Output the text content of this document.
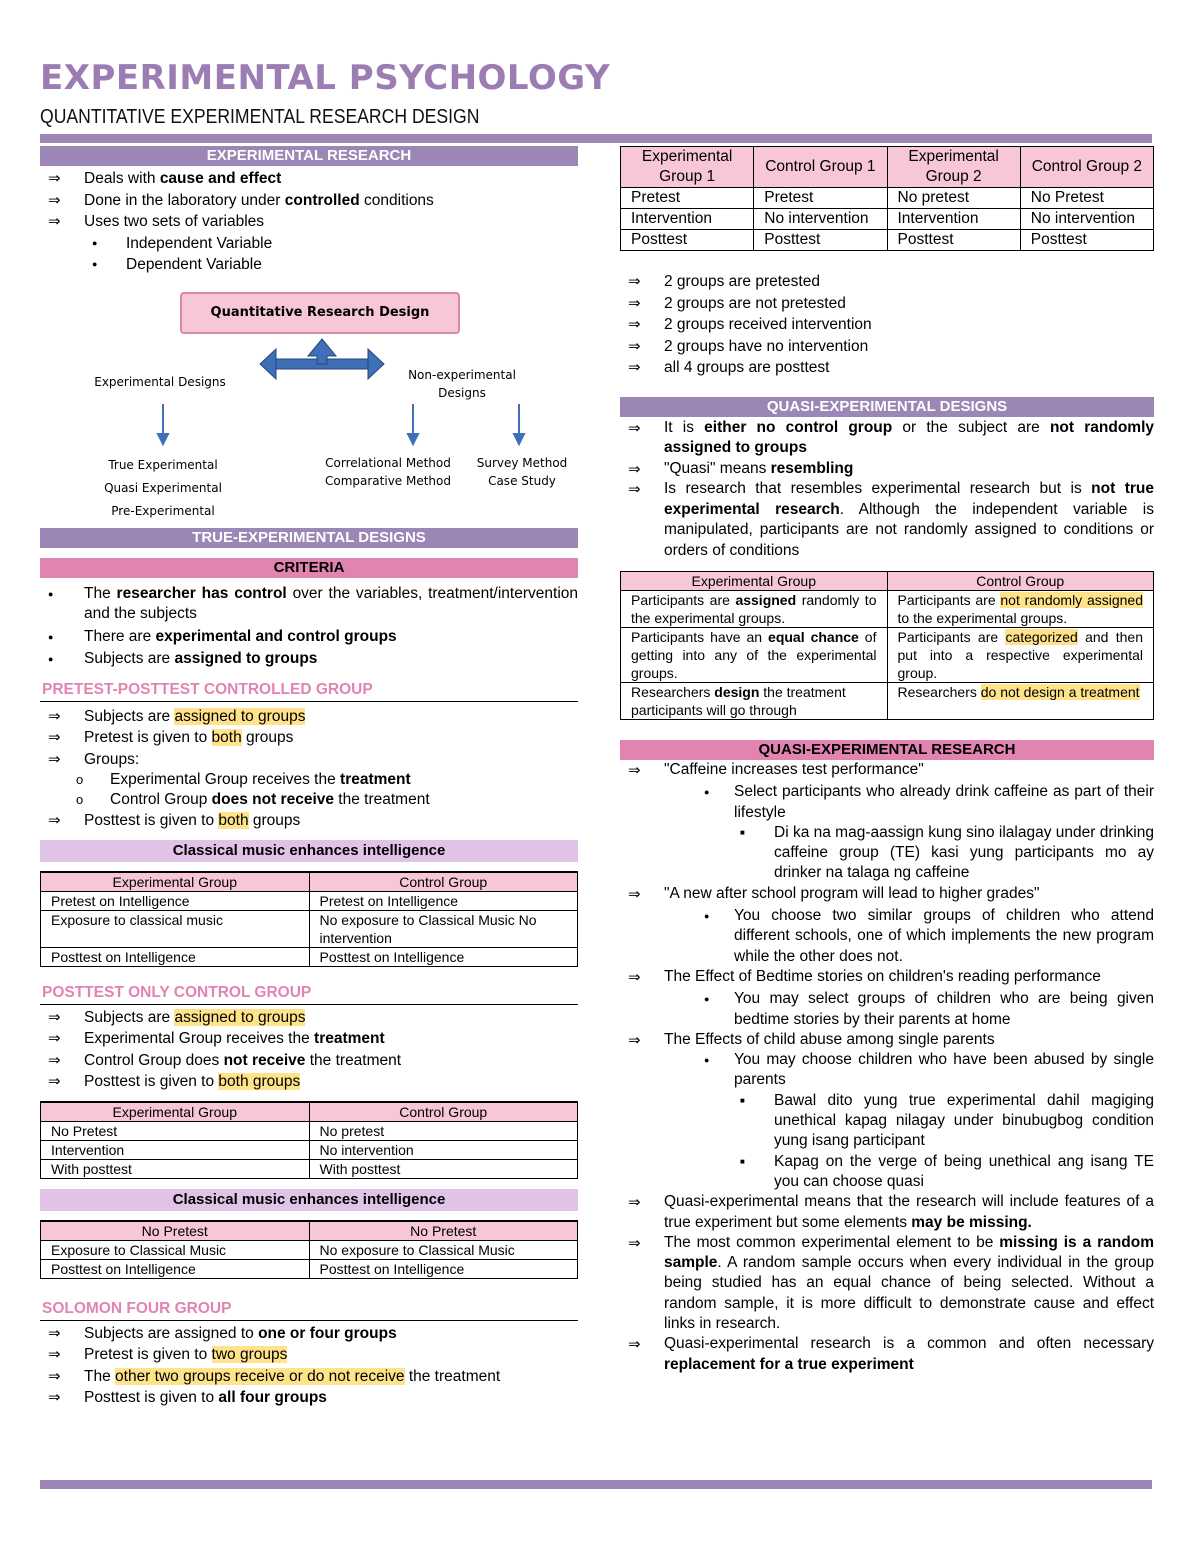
EXPERIMENTAL PSYCHOLOGY
QUANTITATIVE EXPERIMENTAL RESEARCH DESIGN
EXPERIMENTAL RESEARCH
⇒ Deals with cause and effect
⇒ Done in the laboratory under controlled conditions
⇒ Uses two sets of variables
● Independent Variable
● Dependent Variable
Quantitative Research Design
Experimental Designs	Non-experimental
Designs
True Experimental
Quasi Experimental
Pre-Experimental
Correlational Method
Comparative Method
Survey Method
Case Study
TRUE-EXPERIMENTAL DESIGNS
CRITERIA
● The researcher has control over the variables, treatment/intervention and the subjects
● There are experimental and control groups
● Subjects are assigned to groups
PRETEST-POSTTEST CONTROLLED GROUP
⇒ Subjects are assigned to groups
⇒ Pretest is given to both groups
⇒ Groups:
o Experimental Group receives the treatment
o Control Group does not receive the treatment
⇒ Posttest is given to both groups
Classical music enhances intelligence
Experimental Group	Control Group
Pretest on Intelligence	Pretest on Intelligence
Exposure to classical music	No exposure to Classical Music No intervention
Posttest on Intelligence	Posttest on Intelligence
POSTTEST ONLY CONTROL GROUP
⇒ Subjects are assigned to groups
⇒ Experimental Group receives the treatment
⇒ Control Group does not receive the treatment
⇒ Posttest is given to both groups
Experimental Group	Control Group
No Pretest	No pretest
Intervention	No intervention
With posttest	With posttest
Classical music enhances intelligence
No Pretest	No Pretest
Exposure to Classical Music	No exposure to Classical Music
Posttest on Intelligence	Posttest on Intelligence
SOLOMON FOUR GROUP
⇒ Subjects are assigned to one or four groups
⇒ Pretest is given to two groups
⇒ The other two groups receive or do not receive the treatment
⇒ Posttest is given to all four groups
Experimental Group 1	Control Group 1	Experimental Group 2	Control Group 2
Pretest	Pretest	No pretest	No Pretest
Intervention	No intervention	Intervention	No intervention
Posttest	Posttest	Posttest	Posttest
⇒ 2 groups are pretested
⇒ 2 groups are not pretested
⇒ 2 groups received intervention
⇒ 2 groups have no intervention
⇒ all 4 groups are posttest
QUASI-EXPERIMENTAL DESIGNS
⇒ It is either no control group or the subject are not randomly assigned to groups
⇒ "Quasi" means resembling
⇒ Is research that resembles experimental research but is not true experimental research. Although the independent variable is manipulated, participants are not randomly assigned to conditions or orders of conditions
Experimental Group	Control Group
Participants are assigned randomly to the experimental groups.	Participants are not randomly assigned to the experimental groups.
Participants have an equal chance of getting into any of the experimental groups.	Participants are categorized and then put into a respective experimental group.
Researchers design the treatment participants will go through	Researchers do not design a treatment
QUASI-EXPERIMENTAL RESEARCH
⇒ "Caffeine increases test performance"
● Select participants who already drink caffeine as part of their lifestyle
■ Di ka na mag-aassign kung sino ilalagay under drinking caffeine group (TE) kasi yung participants mo ay drinker na talaga ng caffeine
⇒ "A new after school program will lead to higher grades"
● You choose two similar groups of children who attend different schools, one of which implements the new program while the other does not.
⇒ The Effect of Bedtime stories on children's reading performance
● You may select groups of children who are being given bedtime stories by their parents at home
⇒ The Effects of child abuse among single parents
● You may choose children who have been abused by single parents
■ Bawal dito yung true experimental dahil magiging unethical kapag nilagay under binubugbog condition yung isang participant
■ Kapag on the verge of being unethical ang isang TE you can choose quasi
⇒ Quasi-experimental means that the research will include features of a true experiment but some elements may be missing.
⇒ The most common experimental element to be missing is a random sample. A random sample occurs when every individual in the group being studied has an equal chance of being selected. Without a random sample, it is more difficult to demonstrate cause and effect links in research.
⇒ Quasi-experimental research is a common and often necessary replacement for a true experiment
